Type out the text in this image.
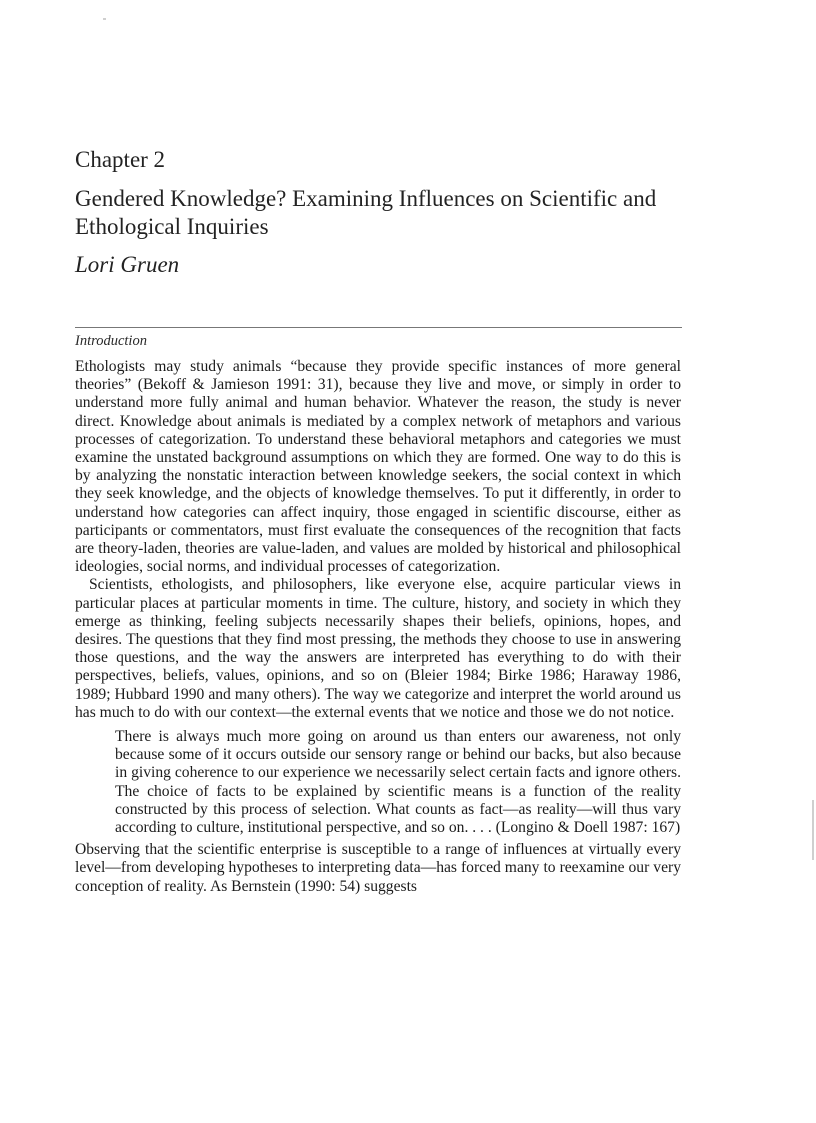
Chapter 2
Gendered Knowledge? Examining Influences on Scientific and Ethological Inquiries
Lori Gruen
Introduction

Ethologists may study animals “because they provide specific instances of more general theories” (Bekoff & Jamieson 1991: 31), because they live and move, or simply in order to understand more fully animal and human behavior. Whatever the reason, the study is never direct. Knowledge about animals is mediated by a complex network of metaphors and various processes of categorization. To understand these behavioral metaphors and categories we must examine the unstated background assumptions on which they are formed. One way to do this is by analyzing the nonstatic interaction between knowledge seekers, the social context in which they seek knowledge, and the objects of knowledge themselves. To put it differently, in order to understand how categories can affect inquiry, those engaged in scientific discourse, either as participants or commentators, must first evaluate the consequences of the recognition that facts are theory-laden, theories are value-laden, and values are molded by historical and philosophical ideologies, social norms, and individual processes of categorization.

Scientists, ethologists, and philosophers, like everyone else, acquire particular views in particular places at particular moments in time. The culture, history, and society in which they emerge as thinking, feeling subjects necessarily shapes their beliefs, opinions, hopes, and desires. The questions that they find most pressing, the methods they choose to use in answering those questions, and the way the answers are interpreted has everything to do with their perspectives, beliefs, values, opinions, and so on (Bleier 1984; Birke 1986; Haraway 1986, 1989; Hubbard 1990 and many others). The way we categorize and interpret the world around us has much to do with our context—the external events that we notice and those we do not notice.

There is always much more going on around us than enters our awareness, not only because some of it occurs outside our sensory range or behind our backs, but also because in giving coherence to our experience we necessarily select certain facts and ignore others. The choice of facts to be explained by scientific means is a function of the reality constructed by this process of selection. What counts as fact—as reality—will thus vary according to culture, institutional perspective, and so on. . . . (Longino & Doell 1987: 167)

Observing that the scientific enterprise is susceptible to a range of influences at virtually every level—from developing hypotheses to interpreting data—has forced many to reexamine our very conception of reality. As Bernstein (1990: 54) suggests
